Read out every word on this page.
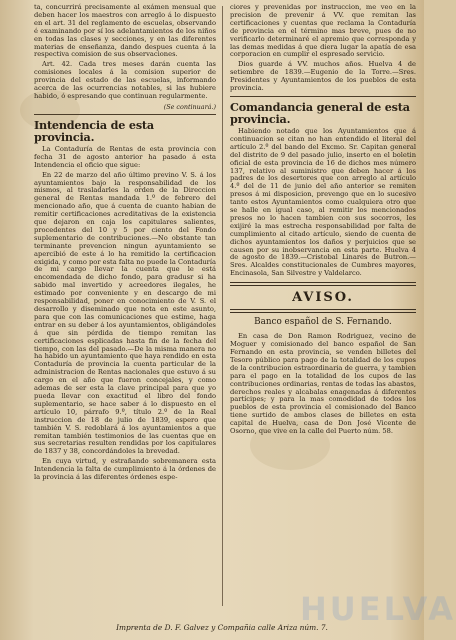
ta, concurrirá precisamente al exámen mensual que deben hacer los maestros con arreglo á lo dispuesto en el art. 31 del reglamento de escuelas, observando é examinando por sí los adelantamientos de los niños en todas las clases y secciones, y en las diferentes materias de enseñanza, dando despues cuenta á la respectiva comision de sus observaciones.

Art. 42. Cada tres meses darán cuenta las comisiones locales á la comision superior de provincia del estado de las escuelas, informando acerca de las ocurrencias notables, si las hubiere habido, ó espresando que continuan regularmente.

(Se continuará.)
Intendencia de esta provincia.

La Contaduría de Rentas de esta provincia con fecha 31 de agosto anterior ha pasado á esta Intendencia el oficio que sigue:

En 22 de marzo del año último previno V. S. á los ayuntamientos bajo la responsabilidad de los mismos, al trasladarles la orden de la Direccion general de Rentas mandada 1.º de febrero del mencionado año, que á cuenta de cuanto habian de remitir certificaciones acreditativas de la existencia que dejaron en caja los capitulares salientes, procedentes del 10 y 5 por ciento del Fondo suplementario de contribuciones.—No obstante tan terminante prevencion ningun ayuntamiento se apercibió de este á lo ha remitido la certificacion exigida, y como por esta falta no puede la Contaduría de mi cargo llevar la cuenta que le está encomendada de dicho fondo, para gradusr si ha sabido mal invertido y acreedores ilegales, he estimado por conveniente y en descargo de mi responsabilidad, poner en conocimiento de V. S. el desarrollo y diseminado que nota en este asunto, para que con las comunicaciones que estime, haga entrar en su deber á los ayuntamientos, obligándoles á que sin pérdida de tiempo remitan las certificaciones esplicadas hasta fin de la fecha del tiempo, con las del pasado.—De la misma manera no ha habido un ayuntamiento que haya rendido en esta Contaduría de provincia la cuenta particular de la administracion de Rentas nacionales que estuvo á su cargo en el año que fueron concejales, y como ademas de ser esta la clave principal para que yo pueda llevar con exactitud el libro del fondo suplementario, se hace saber á lo dispuesto en el artículo 10, párrafo 9.º, título 2.º de la Real instruccion de 18 de julio de 1839, espero que también V. S. redoblará á los ayuntamientos a que remitan también testimonios de las cuentas que en sus secretarias resulten rendidas por los capitulares de 1837 y 38, concordándoles la brevedad.

En cuya virtud, y estrañando sobremanera esta Intendencia la falta de cumplimiento á la órdenes de la provincia á las diferentes órdenes espe-

ciores y prevenidas por instruccion, me veo en la precision de prevenir á VV. que remitan las certificaciones y cuentas que reclama la Contaduría de provincia en el término mas breve, pues de no verificarlo determinaré el apremio que corresponda y las demas medidas á que diera lugar la apatía de esa corporacion en cumplir el espresado servicio.

Dios guarde á VV. muchos años. Huelva 4 de setiembre de 1839.—Eugenio de la Torre.—Sres. Presidentes y Ayuntamientos de los pueblos de esta provincia.

Comandancia general de esta provincia.

Habiendo notado que los Ayuntamientos que á continuacion se citan no han entendido el literal del artículo 2.º del bando del Excmo. Sr. Capitan general del distrito de 9 del pasado julio, inserto en el boletin oficial de esta provincia de 16 de dichos mes número 137, relativo al suministro que deben hacer á los padres de los desertores que con arreglo al artículo 4.º del de 11 de junio del año anterior se remiten presos á mi disposicion, prevengo que en lo sucesivo tanto estos Ayuntamientos como cualquiera otro que se halle en igual caso, al remitir los mencionados presos no lo hacen tambien con sus socorros, les exijiré la mas estrecha responsabilidad por falta de cumplimiento al citado artículo, siendo de cuenta de dichos ayuntamientos los daños y perjuicios que se causen por su inobservancia en esta parte. Huelva 4 de agosto de 1839.—Cristobal Linares de Butron.—Sres. Alcaldes constitucionales de Cumbres mayores, Encinasola, San Silvestre y Valdelarco.

AVISO.
Banco español de S. Fernando.

En casa de Don Ramon Rodriguez, vecino de Moguer y comisionado del banco español de San Fernando en esta provincia, se venden billetes del Tesoro público para pago de la totalidad de los cupos de la contribucion estraordinaria de guerra, y tambien para el pago en la totalidad de los cupos de las contribuciones ordinarias, rentas de todas las abastos, derechos reales y alcabalas enagenadas á diferentes partícipes; y para la mas comodidad de todos los pueblos de esta provincia el comisionado del Banco tiene surtido de ambos clases de billetes en esta capital de Huelva, casa de Don José Vicente de Osorno, que vive en la calle del Puerto núm. 58.

Imprenta de D. F. Galvez y Compañia calle Ariza núm. 7.
HUELVA
